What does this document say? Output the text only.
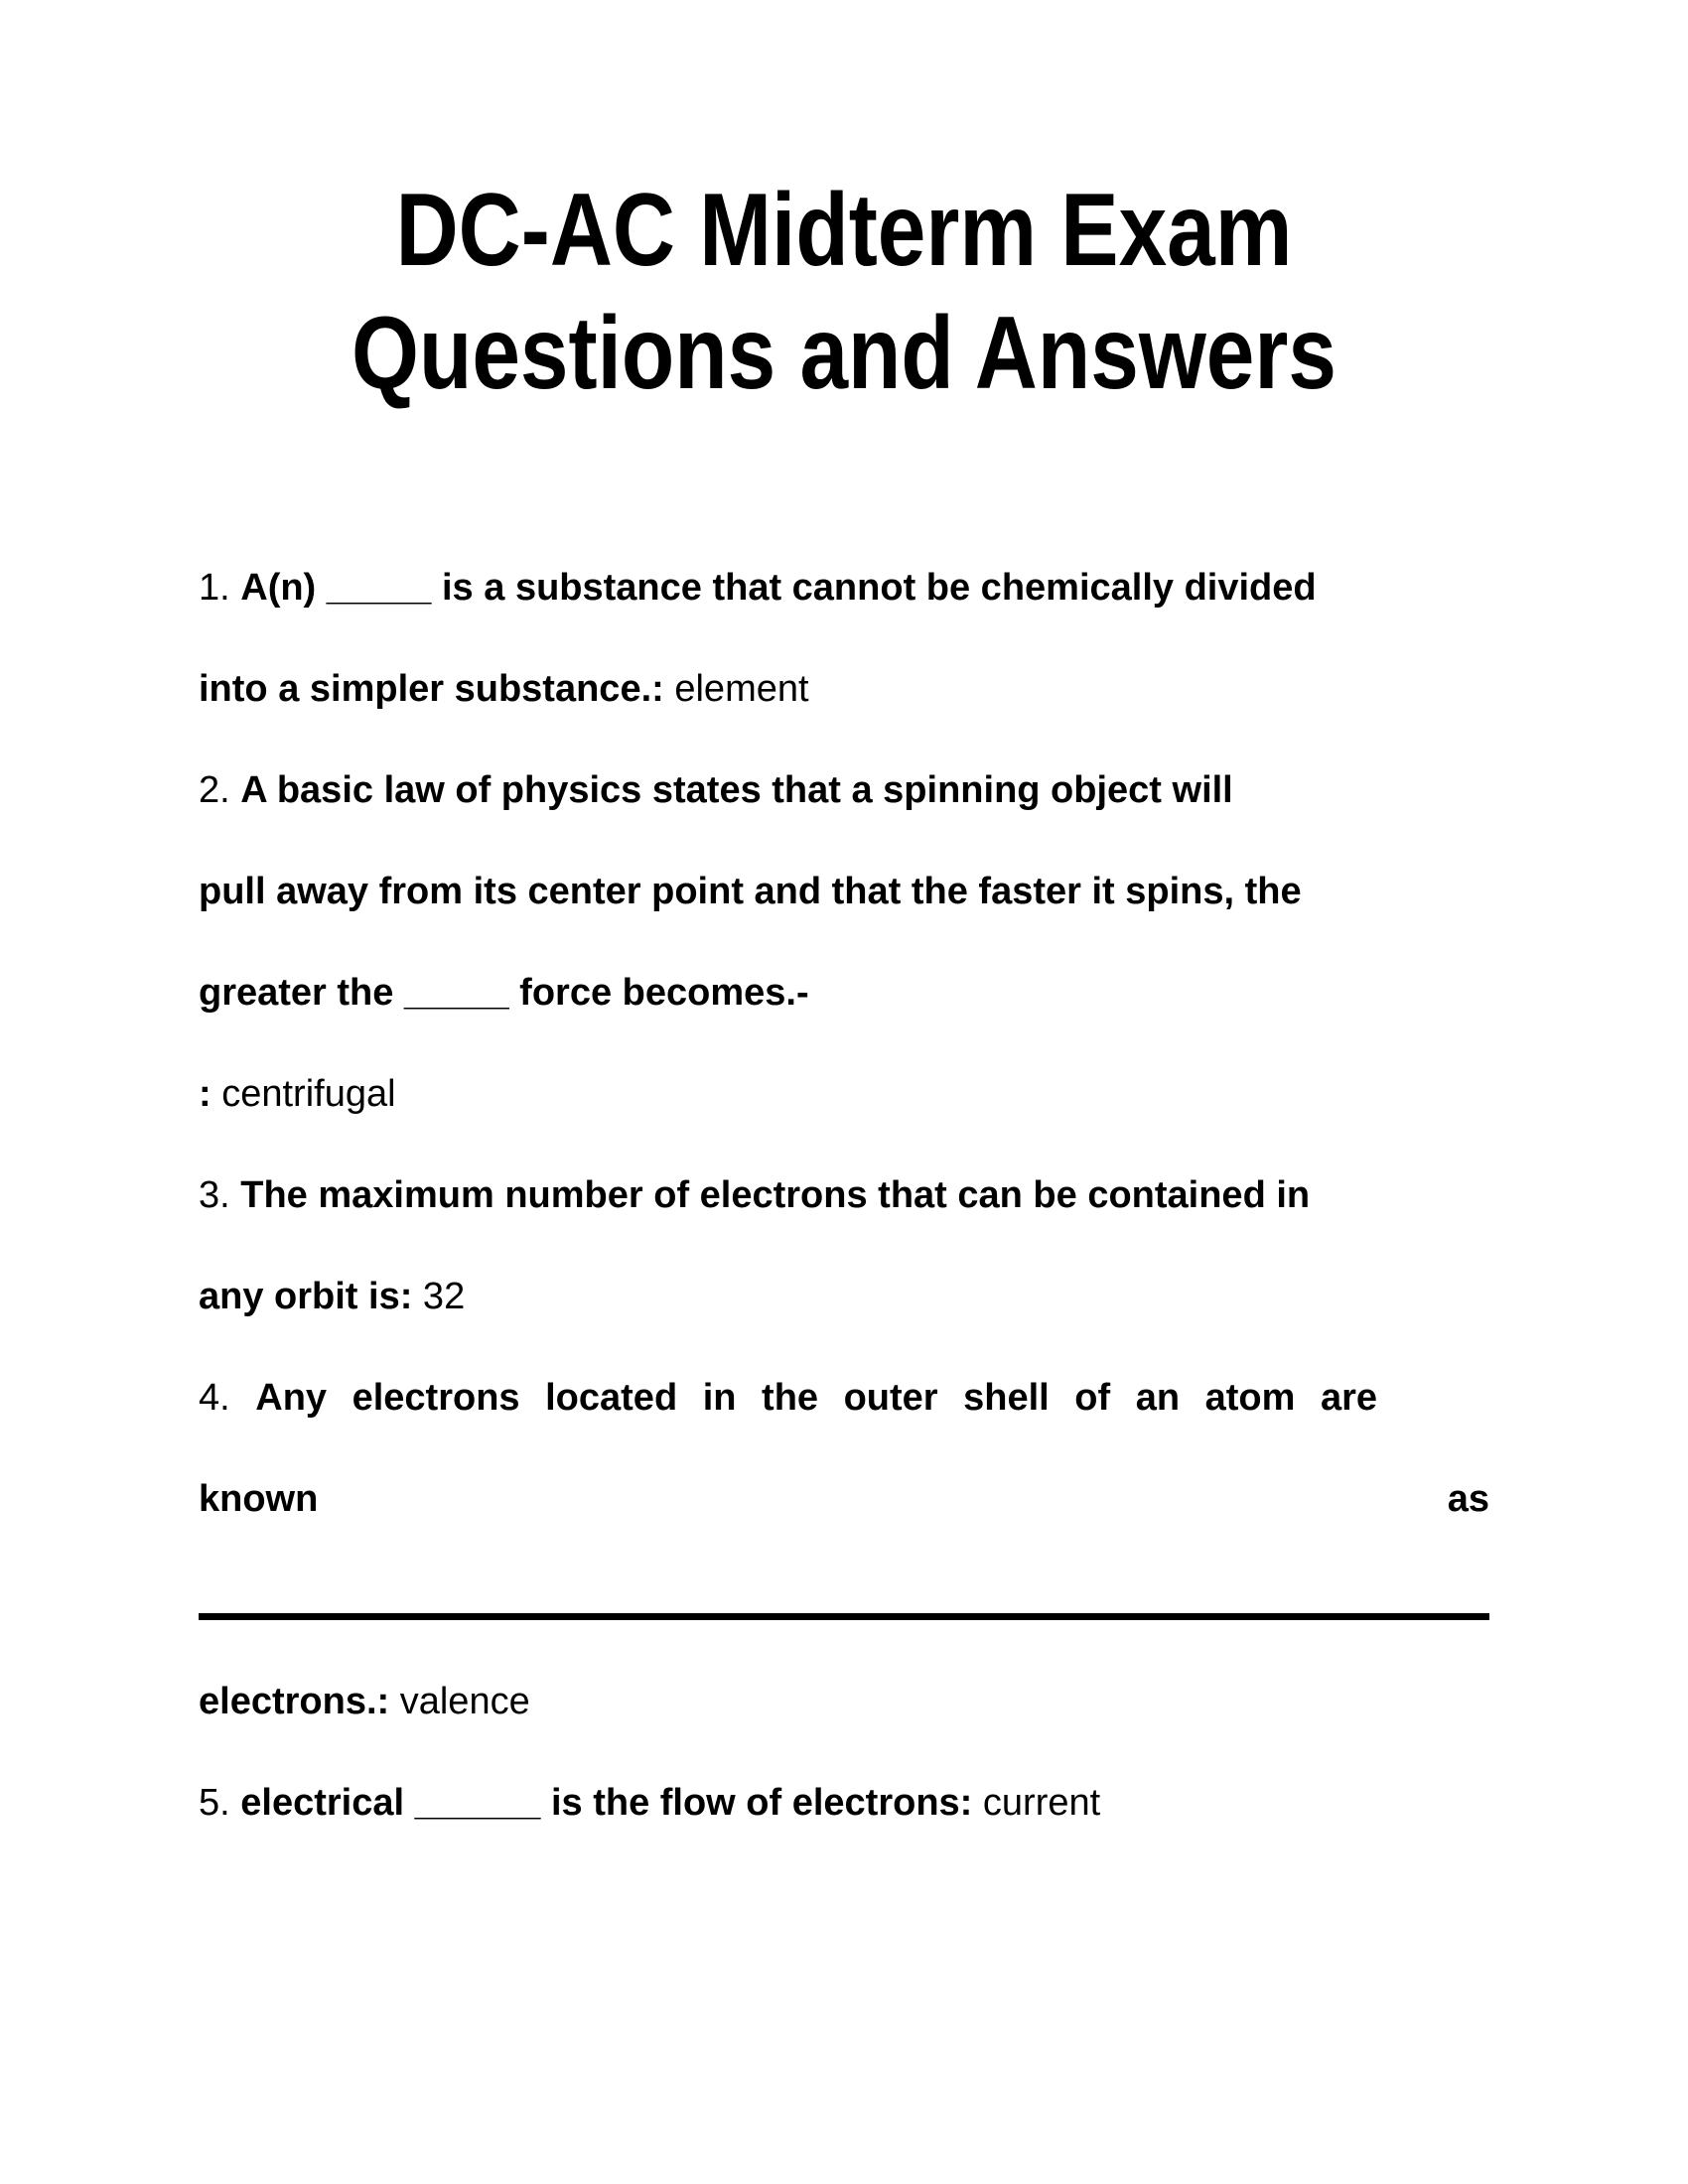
DC-AC Midterm Exam
Questions and Answers
1. A(n) _____ is a substance that cannot be chemically divided
into a simpler substance.: element
2. A basic law of physics states that a spinning object will
pull away from its center point and that the faster it spins, the
greater the _____ force becomes.-
: centrifugal
3. The maximum number of electrons that can be contained in
any orbit is: 32
4. Any electrons located in the outer shell of an atom are
known	as
electrons.: valence
5. electrical ______ is the flow of electrons: current
